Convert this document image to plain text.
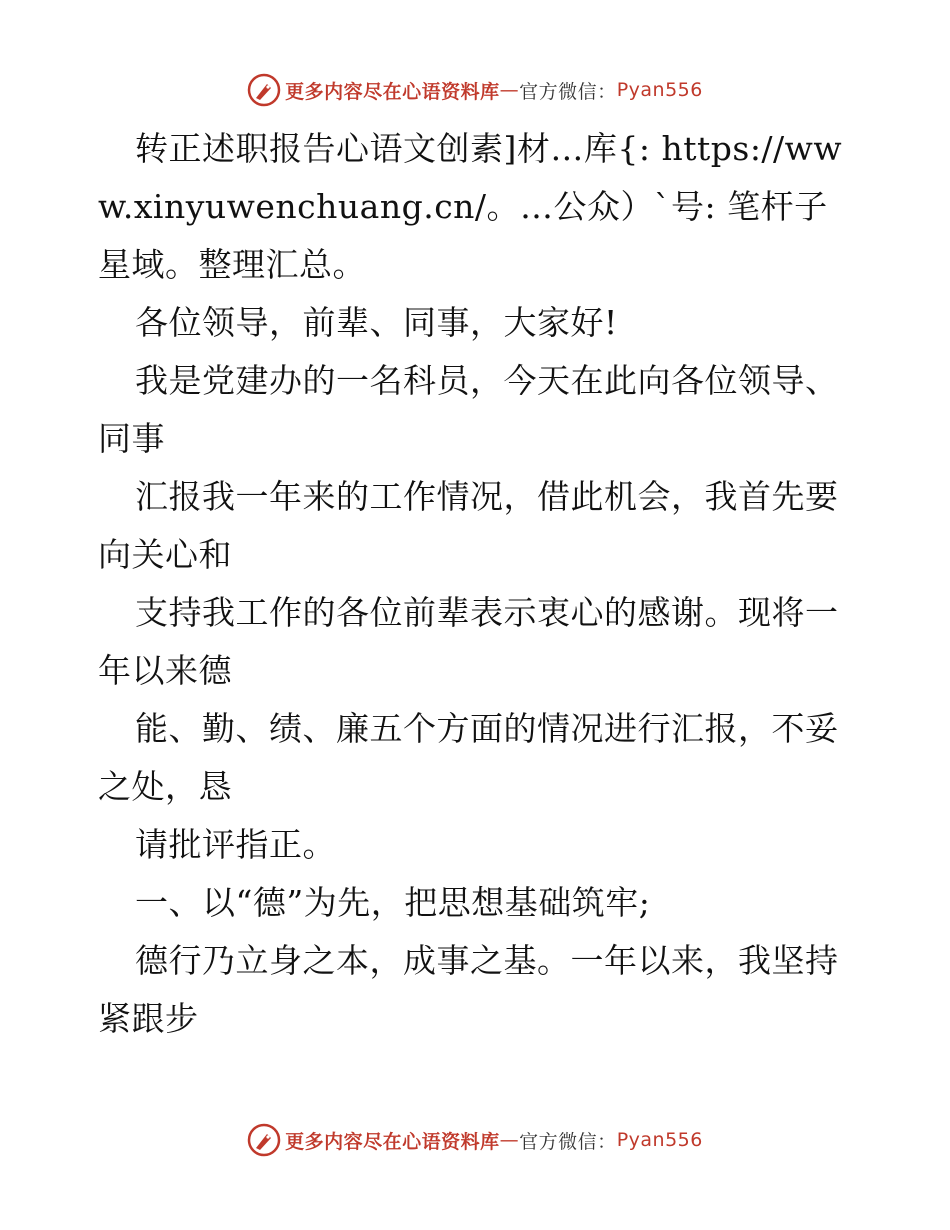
更多内容尽在心语资料库 — 官方微信： Pyan556

转正述职报告心语文创素]材…库{: https://www.xinyuwenchuang.cn/。…公众）`号: 笔杆子星域。整理汇总。

各位领导，前辈、同事，大家好!

我是党建办的一名科员，今天在此向各位领导、同事

汇报我一年来的工作情况，借此机会，我首先要向关心和

支持我工作的各位前辈表示衷心的感谢。现将一年以来德

能、勤、绩、廉五个方面的情况进行汇报，不妥之处，恳

请批评指正。

一、以“德”为先，把思想基础筑牢;

德行乃立身之本，成事之基。一年以来，我坚持紧跟步

更多内容尽在心语资料库 — 官方微信： Pyan556
